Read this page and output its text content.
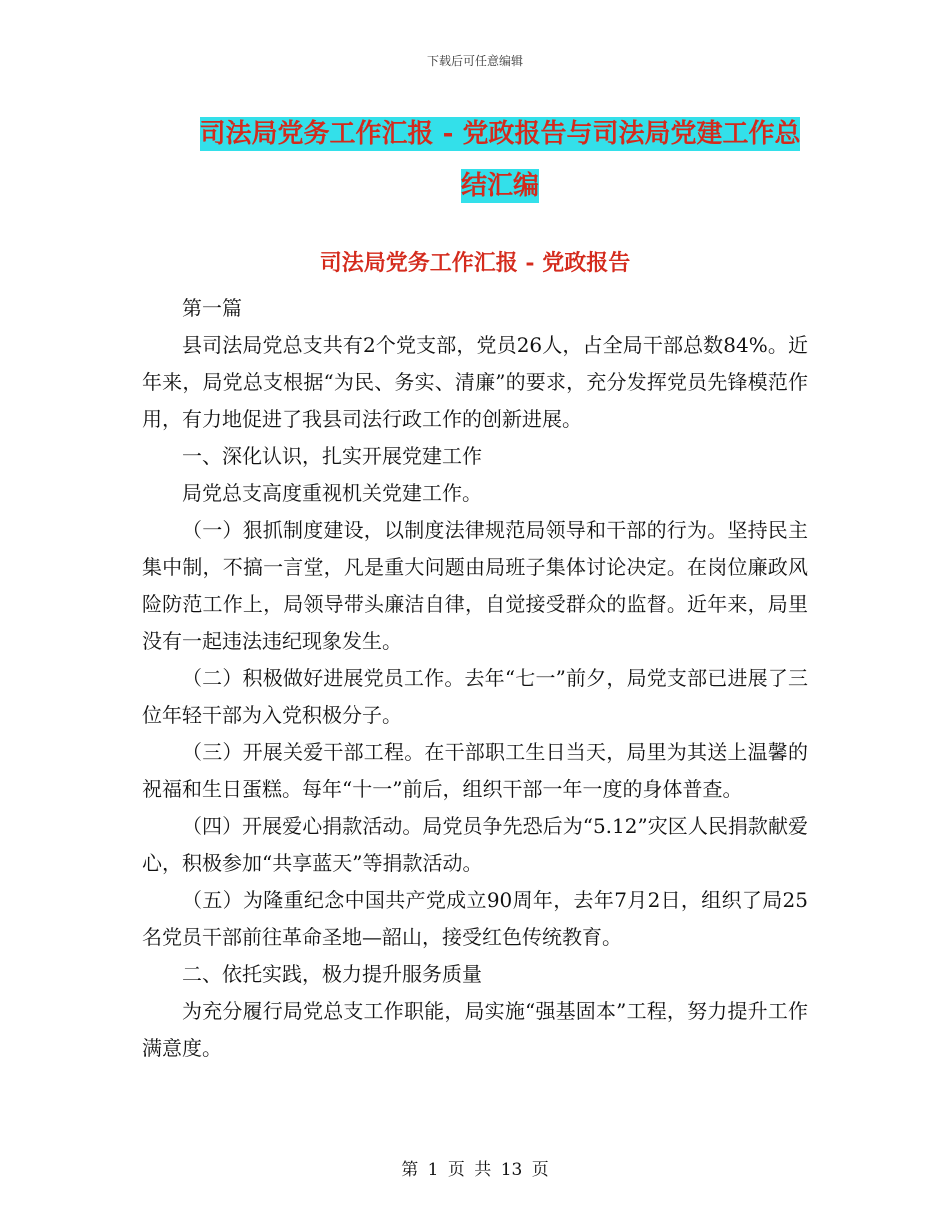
下载后可任意编辑
司法局党务工作汇报 - 党政报告与司法局党建工作总
结汇编
司法局党务工作汇报 - 党政报告

第一篇

县司法局党总支共有2个党支部，党员26人，占全局干部总数84%。近年来，局党总支根据“为民、务实、清廉”的要求，充分发挥党员先锋模范作用，有力地促进了我县司法行政工作的创新进展。

一、深化认识，扎实开展党建工作

局党总支高度重视机关党建工作。

（一）狠抓制度建设，以制度法律规范局领导和干部的行为。坚持民主集中制，不搞一言堂，凡是重大问题由局班子集体讨论决定。在岗位廉政风险防范工作上，局领导带头廉洁自律，自觉接受群众的监督。近年来，局里没有一起违法违纪现象发生。

（二）积极做好进展党员工作。去年“七一”前夕，局党支部已进展了三位年轻干部为入党积极分子。

（三）开展关爱干部工程。在干部职工生日当天，局里为其送上温馨的祝福和生日蛋糕。每年“十一”前后，组织干部一年一度的身体普查。

（四）开展爱心捐款活动。局党员争先恐后为“5.12”灾区人民捐款献爱心，积极参加“共享蓝天”等捐款活动。

（五）为隆重纪念中国共产党成立90周年，去年7月2日，组织了局25名党员干部前往革命圣地—韶山，接受红色传统教育。

二、依托实践，极力提升服务质量

为充分履行局党总支工作职能，局实施“强基固本”工程，努力提升工作满意度。

第 1 页 共 13 页
